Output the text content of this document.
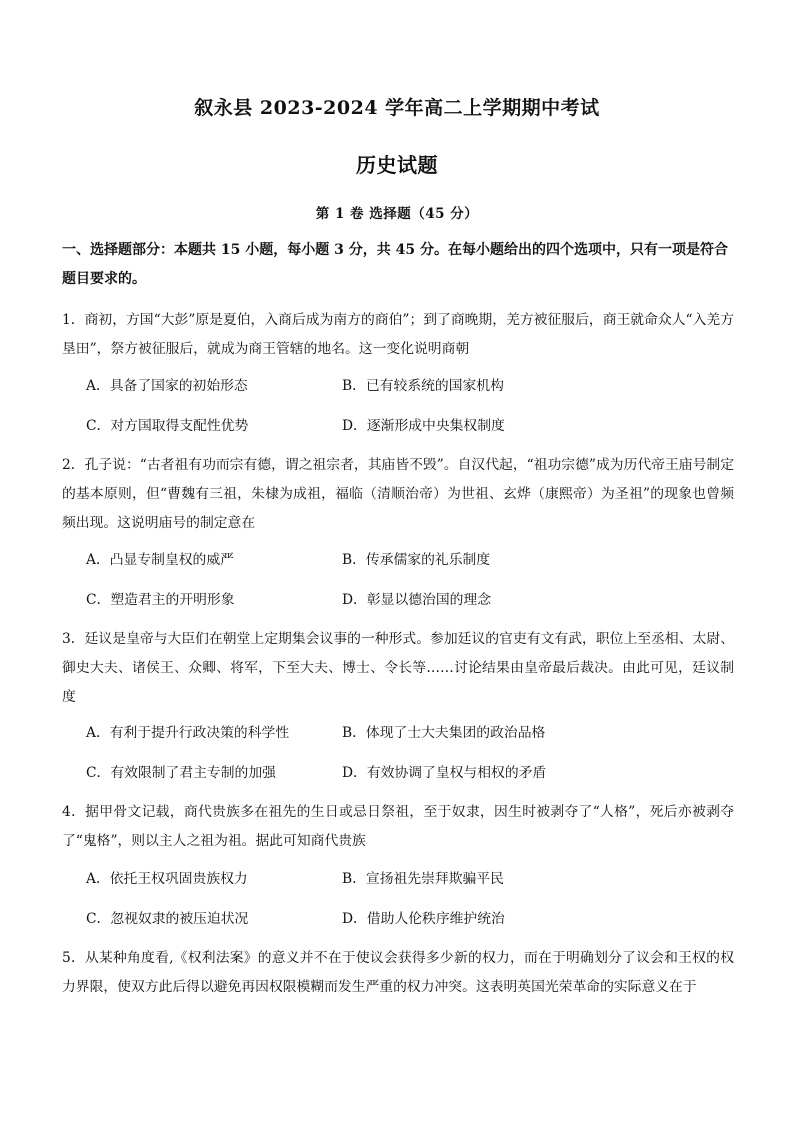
叙永县 2023-2024 学年高二上学期期中考试
历史试题
第 1 卷 选择题（45 分）
一、选择题部分：本题共 15 小题，每小题 3 分，共 45 分。在每小题给出的四个选项中，只有一项是符合题目要求的。
1．商初，方国“大彭”原是夏伯，入商后成为南方的商伯”；到了商晚期，羌方被征服后，商王就命众人“入羌方垦田”，祭方被征服后，就成为商王管辖的地名。这一变化说明商朝
A．具备了国家的初始形态	B．已有较系统的国家机构
C．对方国取得支配性优势	D．逐渐形成中央集权制度
2．孔子说：“古者祖有功而宗有德，谓之祖宗者，其庙皆不毁”。自汉代起，“祖功宗德”成为历代帝王庙号制定的基本原则，但“曹魏有三祖，朱棣为成祖，福临（清顺治帝）为世祖、玄烨（康熙帝）为圣祖”的现象也曾频频出现。这说明庙号的制定意在
A．凸显专制皇权的威严	B．传承儒家的礼乐制度
C．塑造君主的开明形象	D．彰显以德治国的理念
3．廷议是皇帝与大臣们在朝堂上定期集会议事的一种形式。参加廷议的官吏有文有武，职位上至丞相、太尉、御史大夫、诸侯王、众卿、将军，下至大夫、博士、令长等……讨论结果由皇帝最后裁决。由此可见，廷议制度
A．有利于提升行政决策的科学性	B．体现了士大夫集团的政治品格
C．有效限制了君主专制的加强	D．有效协调了皇权与相权的矛盾
4．据甲骨文记载，商代贵族多在祖先的生日或忌日祭祖，至于奴隶，因生时被剥夺了“人格”，死后亦被剥夺了“鬼格”，则以主人之祖为祖。据此可知商代贵族
A．依托王权巩固贵族权力	B．宣扬祖先崇拜欺骗平民
C．忽视奴隶的被压迫状况	D．借助人伦秩序维护统治
5．从某种角度看,《权利法案》的意义并不在于使议会获得多少新的权力，而在于明确划分了议会和王权的权力界限，使双方此后得以避免再因权限模糊而发生严重的权力冲突。这表明英国光荣革命的实际意义在于
